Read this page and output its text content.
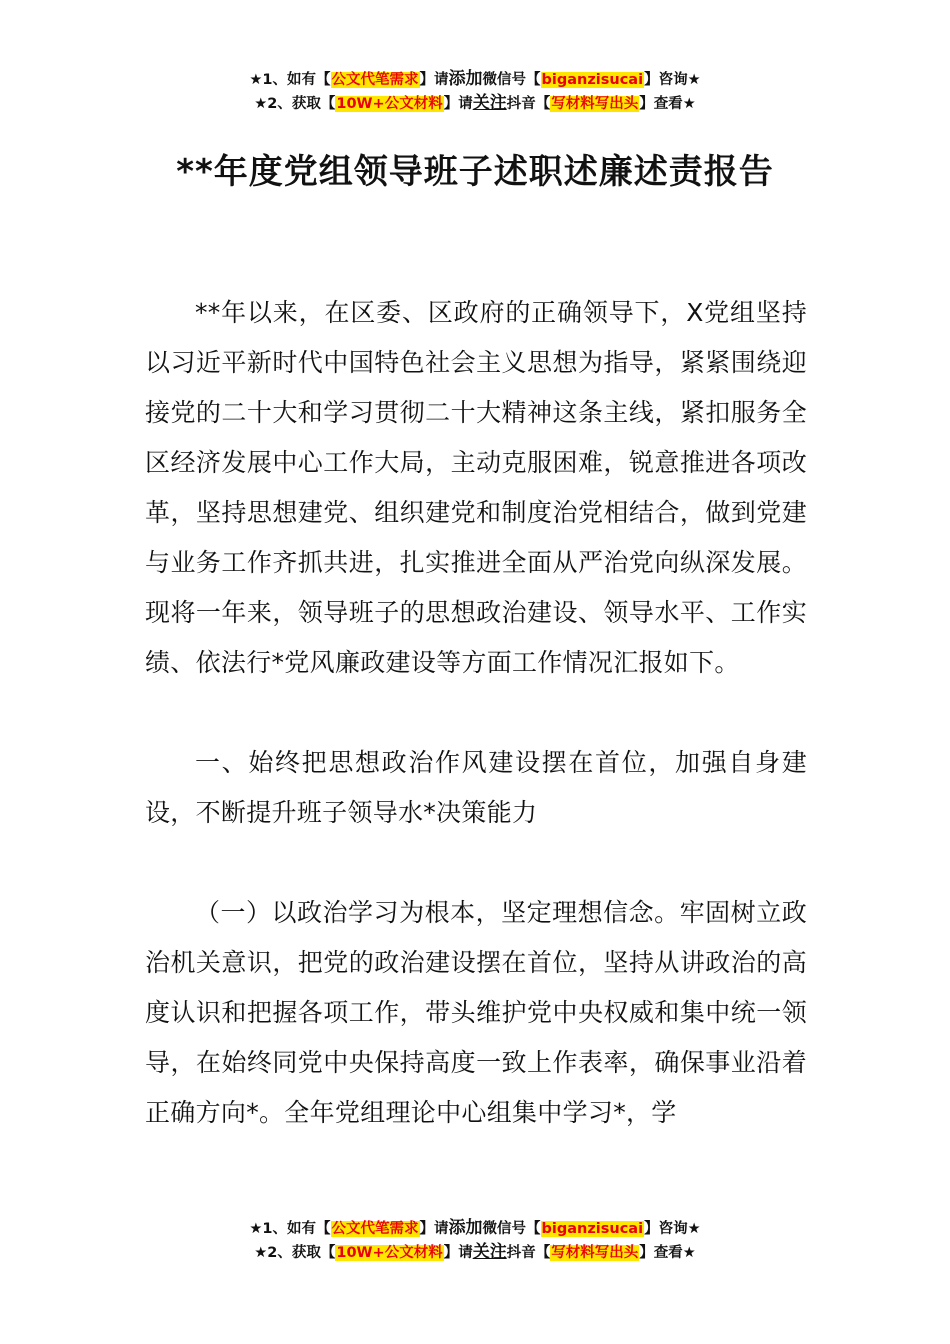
★1、如有【公文代笔需求】请添加微信号【biganzisucai】咨询★
★2、获取【10W+公文材料】请关注抖音【写材料写出头】查看★
**年度党组领导班子述职述廉述责报告

**年以来，在区委、区政府的正确领导下，X党组坚持以习近平新时代中国特色社会主义思想为指导，紧紧围绕迎接党的二十大和学习贯彻二十大精神这条主线，紧扣服务全区经济发展中心工作大局，主动克服困难，锐意推进各项改革，坚持思想建党、组织建党和制度治党相结合，做到党建与业务工作齐抓共进，扎实推进全面从严治党向纵深发展。现将一年来，领导班子的思想政治建设、领导水平、工作实绩、依法行*党风廉政建设等方面工作情况汇报如下。

一、始终把思想政治作风建设摆在首位，加强自身建设，不断提升班子领导水*决策能力

（一）以政治学习为根本，坚定理想信念。牢固树立政治机关意识，把党的政治建设摆在首位，坚持从讲政治的高度认识和把握各项工作，带头维护党中央权威和集中统一领导，在始终同党中央保持高度一致上作表率，确保事业沿着正确方向*。全年党组理论中心组集中学习*，学

★1、如有【公文代笔需求】请添加微信号【biganzisucai】咨询★
★2、获取【10W+公文材料】请关注抖音【写材料写出头】查看★
